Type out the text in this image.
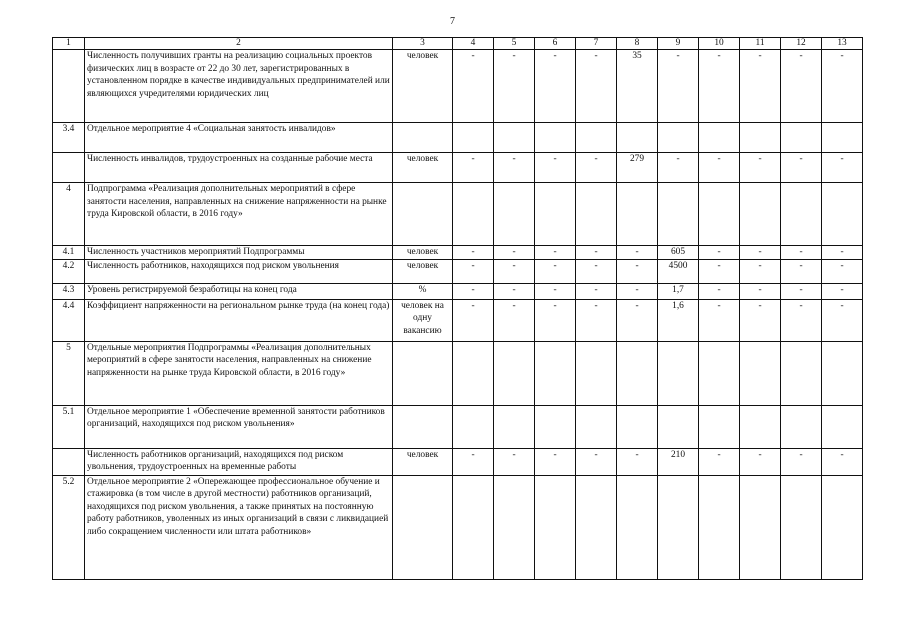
7
1	2	3	4	5	6	7	8	9	10	11	12	13
	Численность получивших гранты на реализацию социальных проектов физических лиц в возрасте от 22 до 30 лет, зарегистрированных в установленном порядке в качестве индивидуальных предпринимателей или являющихся учредителями юридических лиц	человек	-	-	-	-	35	-	-	-	-	-
3.4	Отдельное мероприятие 4 «Социальная занятость инвалидов»											
	Численность инвалидов, трудоустроенных на созданные рабочие места	человек	-	-	-	-	279	-	-	-	-	-
4	Подпрограмма «Реализация дополнительных мероприятий в сфере занятости населения, направленных на снижение напряженности на рынке труда Кировской области, в 2016 году»											
4.1	Численность участников мероприятий Подпрограммы	человек	-	-	-	-	-	605	-	-	-	-
4.2	Численность работников, находящихся под риском увольнения	человек	-	-	-	-	-	4500	-	-	-	-
4.3	Уровень регистрируемой безработицы на конец года	%	-	-	-	-	-	1,7	-	-	-	-
4.4	Коэффициент напряженности на региональном рынке труда (на конец года)	человек на одну вакансию	-	-	-	-	-	1,6	-	-	-	-
5	Отдельные мероприятия Подпрограммы «Реализация дополнительных мероприятий в сфере занятости населения, направленных на снижение напряженности на рынке труда Кировской области, в 2016 году»											
5.1	Отдельное мероприятие 1 «Обеспечение временной занятости работников организаций, находящихся под риском увольнения»											
	Численность работников организаций, находящихся под риском увольнения, трудоустроенных на временные работы	человек	-	-	-	-	-	210	-	-	-	-
5.2	Отдельное мероприятие 2 «Опережающее профессиональное обучение и стажировка (в том числе в другой местности) работников организаций, находящихся под риском увольнения, а также принятых на постоянную работу работников, уволенных из иных организаций в связи с ликвидацией либо сокращением численности или штата работников»											
